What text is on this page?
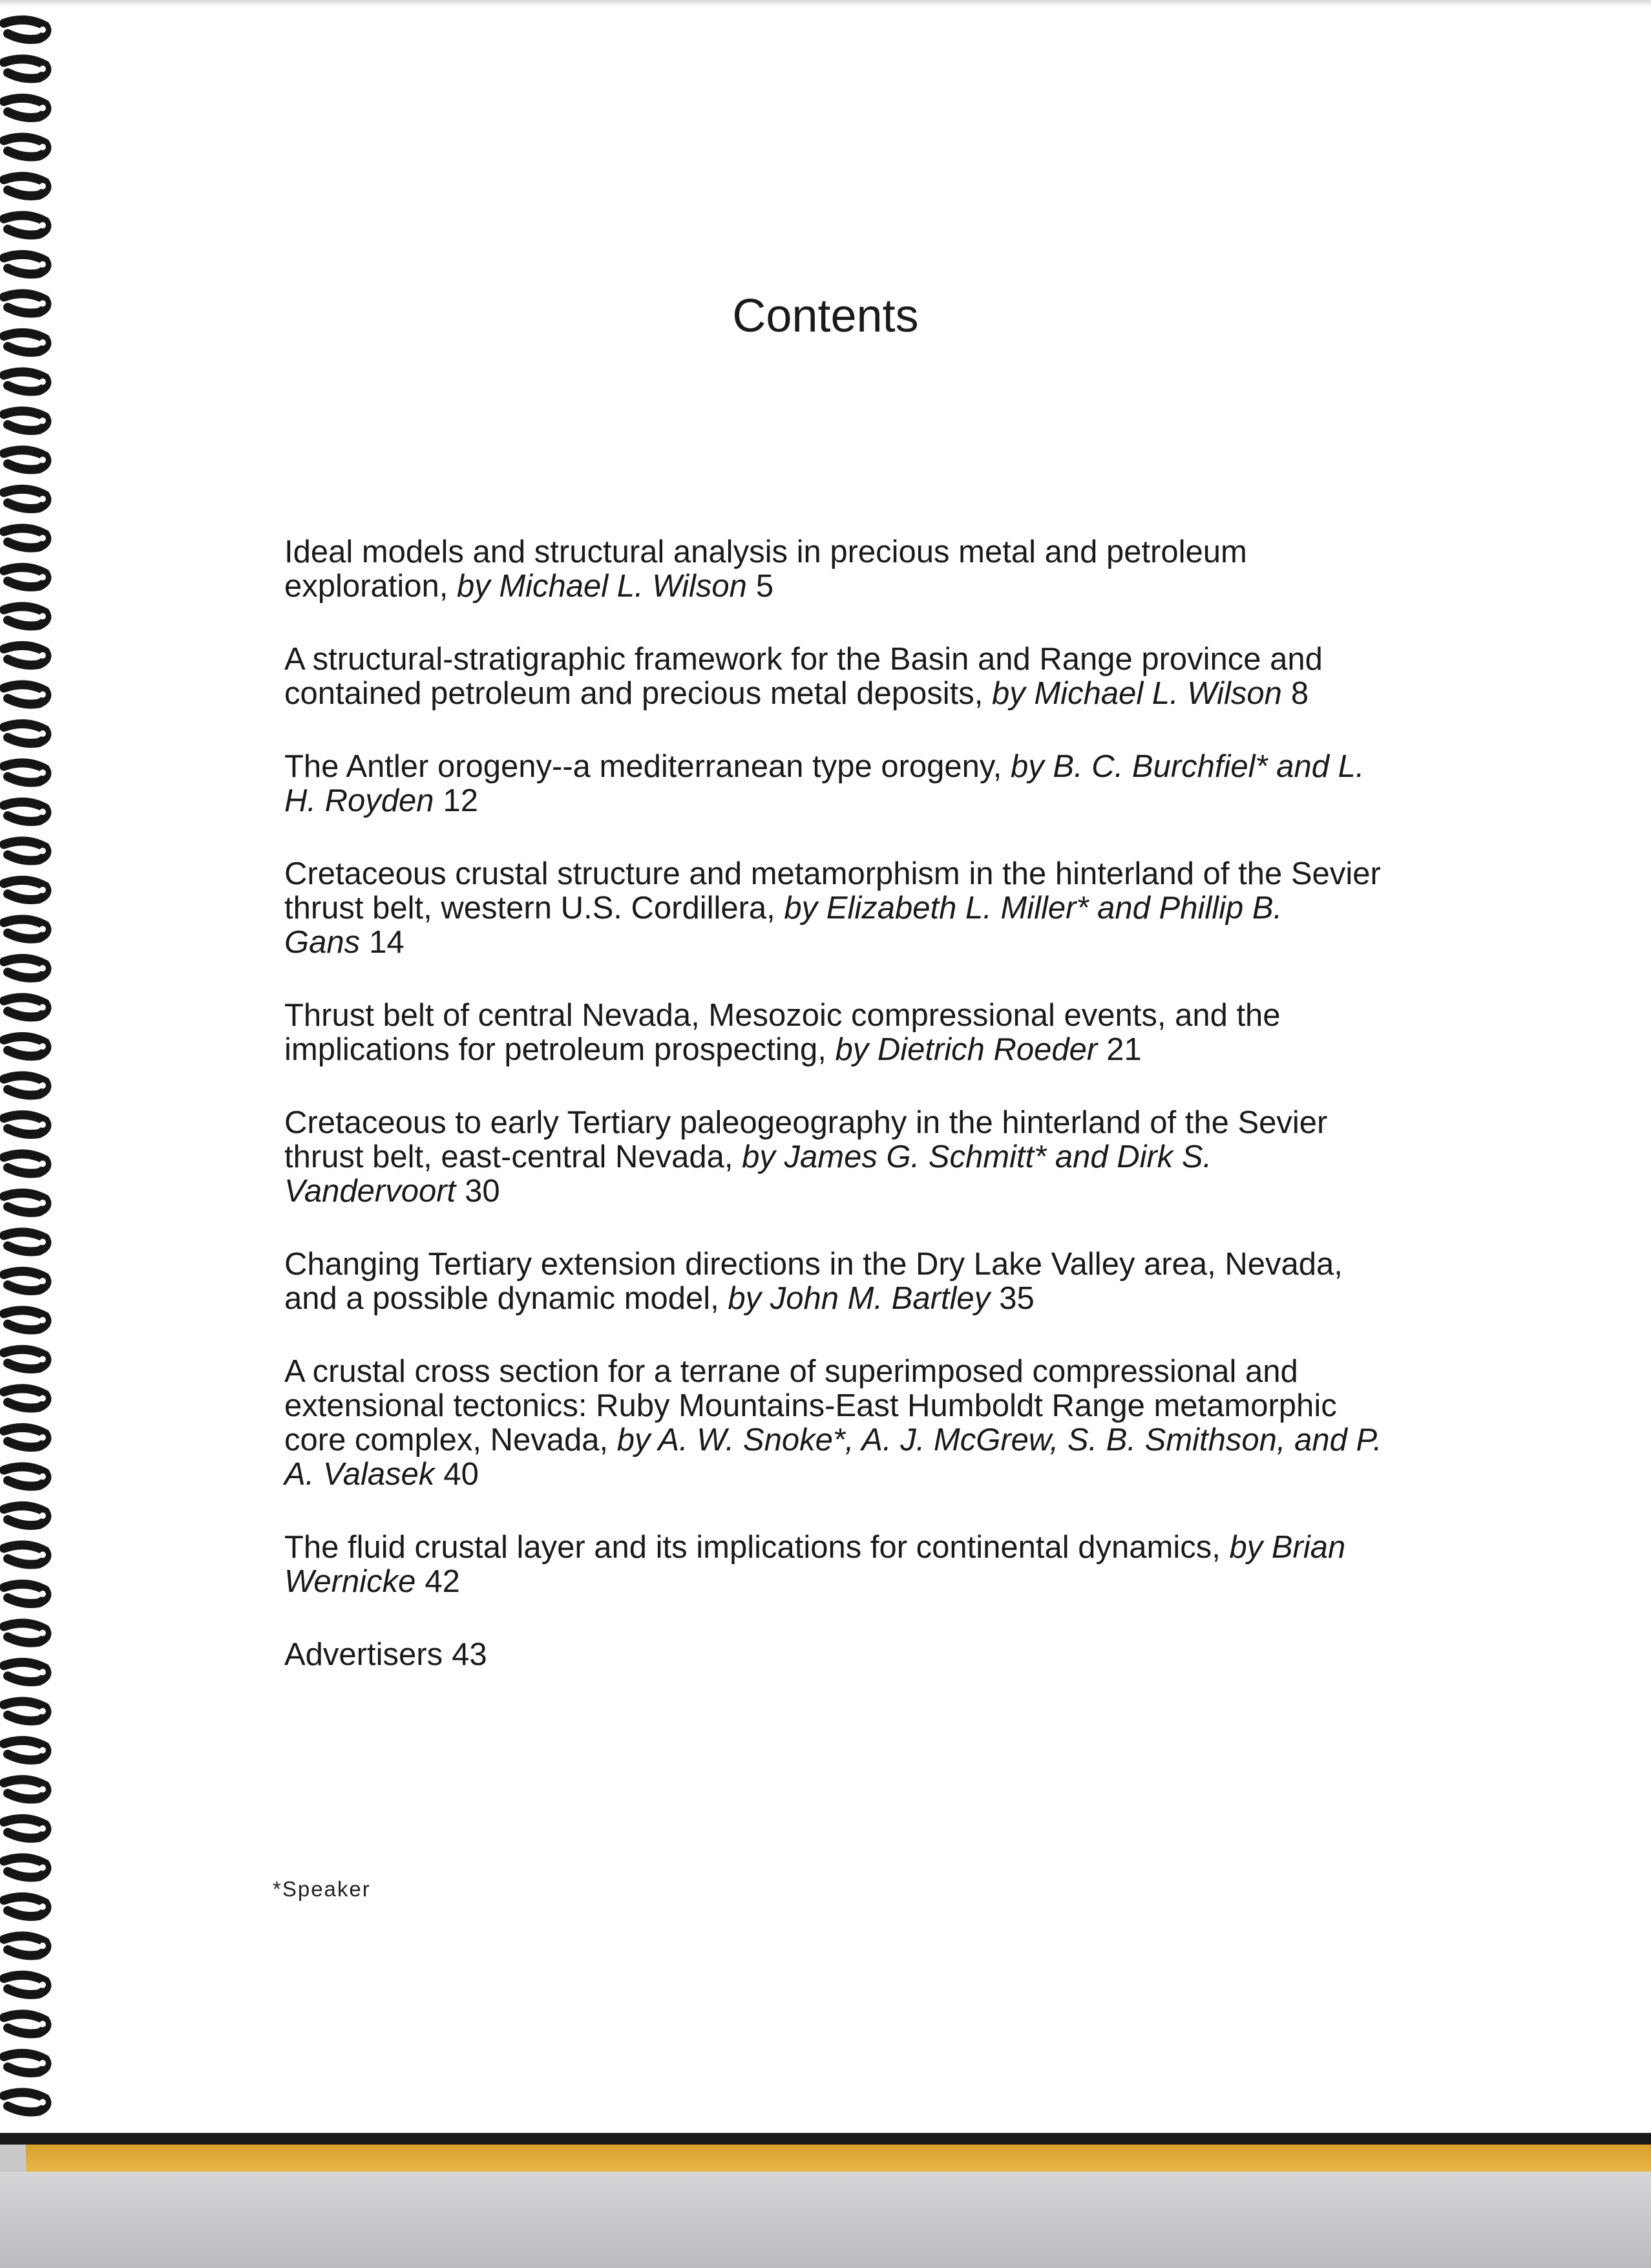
Contents
Ideal models and structural analysis in precious metal and petroleum exploration, by Michael L. Wilson 5
A structural-stratigraphic framework for the Basin and Range province and contained petroleum and precious metal deposits, by Michael L. Wilson 8
The Antler orogeny--a mediterranean type orogeny, by B. C. Burchfiel* and L. H. Royden 12
Cretaceous crustal structure and metamorphism in the hinterland of the Sevier thrust belt, western U.S. Cordillera, by Elizabeth L. Miller* and Phillip B. Gans 14
Thrust belt of central Nevada, Mesozoic compressional events, and the implications for petroleum prospecting, by Dietrich Roeder 21
Cretaceous to early Tertiary paleogeography in the hinterland of the Sevier thrust belt, east-central Nevada, by James G. Schmitt* and Dirk S. Vandervoort 30
Changing Tertiary extension directions in the Dry Lake Valley area, Nevada, and a possible dynamic model, by John M. Bartley 35
A crustal cross section for a terrane of superimposed compressional and extensional tectonics: Ruby Mountains-East Humboldt Range metamorphic core complex, Nevada, by A. W. Snoke*, A. J. McGrew, S. B. Smithson, and P. A. Valasek 40
The fluid crustal layer and its implications for continental dynamics, by Brian Wernicke 42
Advertisers 43
*Speaker
